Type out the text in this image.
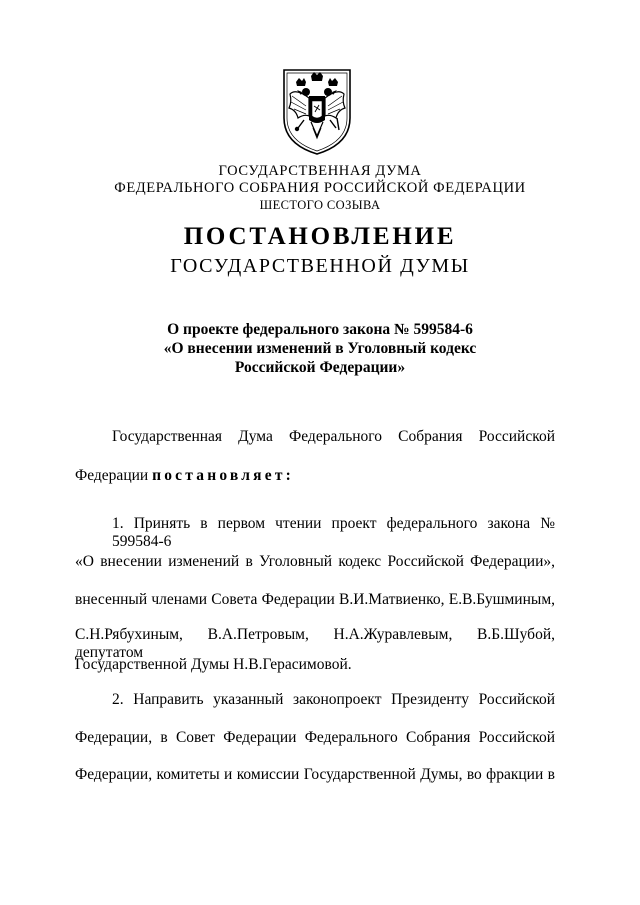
ГОСУДАРСТВЕННАЯ ДУМА
ФЕДЕРАЛЬНОГО СОБРАНИЯ РОССИЙСКОЙ ФЕДЕРАЦИИ
ШЕСТОГО СОЗЫВА
ПОСТАНОВЛЕНИЕ
ГОСУДАРСТВЕННОЙ ДУМЫ
О проекте федерального закона № 599584-6
«О внесении изменений в Уголовный кодекс
Российской Федерации»
Государственная Дума Федерального Собрания Российской
Федерации постановляет:
1. Принять в первом чтении проект федерального закона № 599584-6
«О внесении изменений в Уголовный кодекс Российской Федерации»,
внесенный членами Совета Федерации В.И.Матвиенко, Е.В.Бушминым,
С.Н.Рябухиным, В.А.Петровым, Н.А.Журавлевым, В.Б.Шубой, депутатом
Государственной Думы Н.В.Герасимовой.
2. Направить указанный законопроект Президенту Российской
Федерации, в Совет Федерации Федерального Собрания Российской
Федерации, комитеты и комиссии Государственной Думы, во фракции в
